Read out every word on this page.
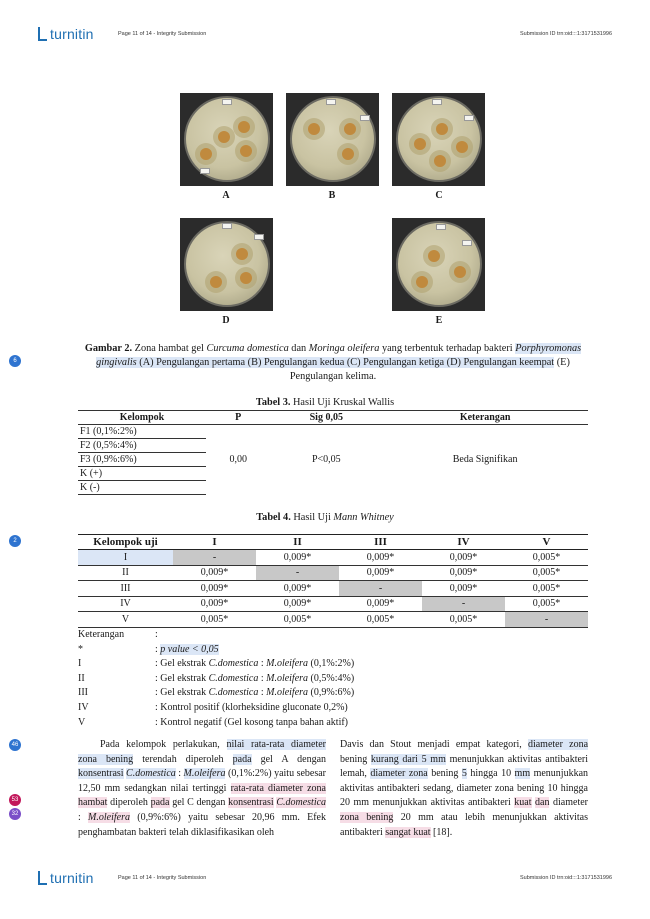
turnitin	Page 11 of 14 - Integrity Submission	Submission ID trn:oid:::1:3171531996
A	B	C
D	E
Gambar 2. Zona hambat gel Curcuma domestica dan Moringa oleifera yang terbentuk terhadap bakteri Porphyromonas gingivalis (A) Pengulangan pertama (B) Pengulangan kedua (C) Pengulangan ketiga (D) Pengulangan keempat (E) Pengulangan kelima.
6
2
46
53
32
Tabel 3. Hasil Uji Kruskal Wallis
Kelompok	P	Sig 0,05	Keterangan
F1 (0,1%:2%)	0,00	P<0,05	Beda Signifikan
F2 (0,5%:4%)			
F3 (0,9%:6%)			
K (+)			
K (-)			
Tabel 4. Hasil Uji Mann Whitney
Kelompok uji	I	II	III	IV	V
I	-	0,009*	0,009*	0,009*	0,005*
II	0,009*	-	0,009*	0,009*	0,005*
III	0,009*	0,009*	-	0,009*	0,005*
IV	0,009*	0,009*	0,009*	-	0,005*
V	0,005*	0,005*	0,005*	0,005*	-
Keterangan	:
*	: p value < 0,05
I	: Gel ekstrak C.domestica : M.oleifera (0,1%:2%)
II	: Gel ekstrak C.domestica : M.oleifera (0,5%:4%)
III	: Gel ekstrak C.domestica : M.oleifera (0,9%:6%)
IV	: Kontrol positif (klorheksidine gluconate 0,2%)
V	: Kontrol negatif (Gel kosong tanpa bahan aktif)
Pada kelompok perlakukan, nilai rata-rata diameter zona bening terendah diperoleh pada gel A dengan konsentrasi C.domestica : M.oleifera (0,1%:2%) yaitu sebesar 12,50 mm sedangkan nilai tertinggi rata-rata diameter zona hambat diperoleh pada gel C dengan konsentrasi C.domestica : M.oleifera (0,9%:6%) yaitu sebesar 20,96 mm. Efek penghambatan bakteri telah diklasifikasikan oleh
Davis dan Stout menjadi empat kategori, diameter zona bening kurang dari 5 mm menunjukkan aktivitas antibakteri lemah, diameter zona bening 5 hingga 10 mm menunjukkan aktivitas antibakteri sedang, diameter zona bening 10 hingga 20 mm menunjukkan aktivitas antibakteri kuat dan diameter zona bening 20 mm atau lebih menunjukkan aktivitas antibakteri sangat kuat [18].
turnitin	Page 11 of 14 - Integrity Submission	Submission ID trn:oid:::1:3171531996
